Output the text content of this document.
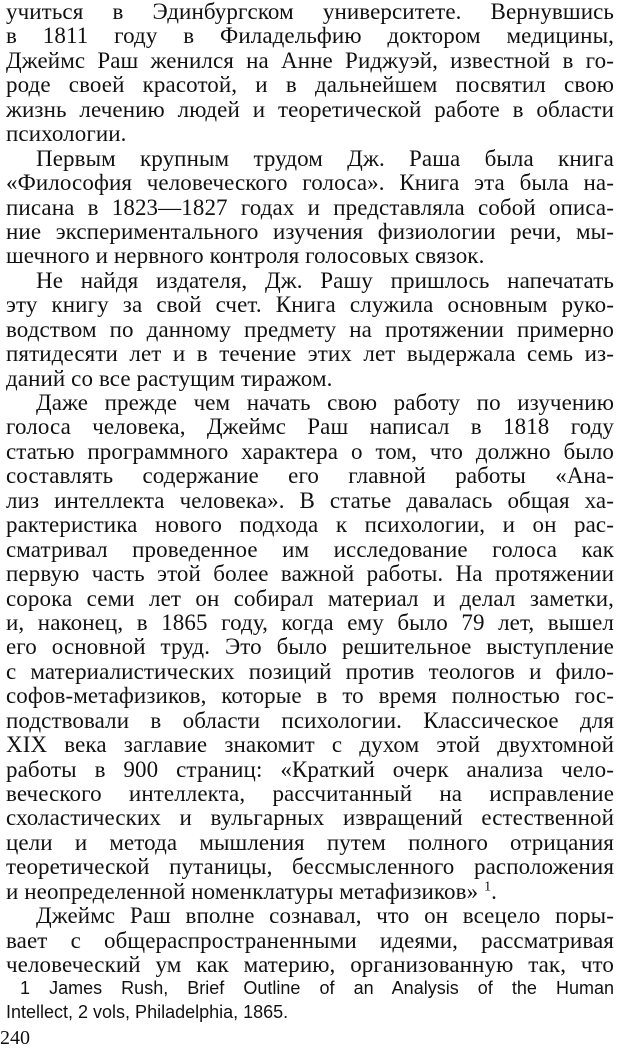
учиться в Эдинбургском университете. Вернувшись
в 1811 году в Филадельфию доктором медицины,
Джеймс Раш женился на Анне Риджуэй, известной в го-
роде своей красотой, и в дальнейшем посвятил свою
жизнь лечению людей и теоретической работе в области
психологии.
Первым крупным трудом Дж. Раша была книга
«Философия человеческого голоса». Книга эта была на-
писана в 1823—1827 годах и представляла собой описа-
ние экспериментального изучения физиологии речи, мы-
шечного и нервного контроля голосовых связок.
Не найдя издателя, Дж. Рашу пришлось напечатать
эту книгу за свой счет. Книга служила основным руко-
водством по данному предмету на протяжении примерно
пятидесяти лет и в течение этих лет выдержала семь из-
даний со все растущим тиражом.
Даже прежде чем начать свою работу по изучению
голоса человека, Джеймс Раш написал в 1818 году
статью программного характера о том, что должно было
составлять содержание его главной работы «Ана-
лиз интеллекта человека». В статье давалась общая ха-
рактеристика нового подхода к психологии, и он рас-
сматривал проведенное им исследование голоса как
первую часть этой более важной работы. На протяжении
сорока семи лет он собирал материал и делал заметки,
и, наконец, в 1865 году, когда ему было 79 лет, вышел
его основной труд. Это было решительное выступление
с материалистических позиций против теологов и фило-
софов-метафизиков, которые в то время полностью гос-
подствовали в области психологии. Классическое для
XIX века заглавие знакомит с духом этой двухтомной
работы в 900 страниц: «Краткий очерк анализа чело-
веческого интеллекта, рассчитанный на исправление
схоластических и вульгарных извращений естественной
цели и метода мышления путем полного отрицания
теоретической путаницы, бессмысленного расположения
и неопределенной номенклатуры метафизиков» $^1$.
Джеймс Раш вполне сознавал, что он всецело поры-
вает с общераспространенными идеями, рассматривая
человеческий ум как материю, организованную так, что
1 James Rush, Brief Outline of an Analysis of the Human
Intellect, 2 vols, Philadelphia, 1865.
240
